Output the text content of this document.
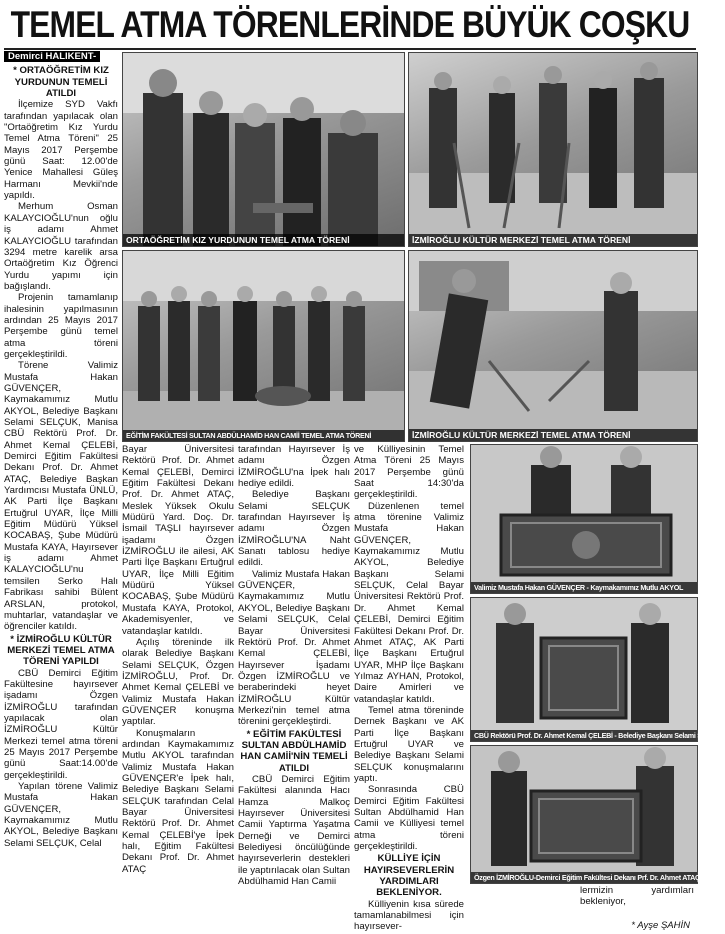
TEMEL ATMA TÖRENLERİNDE BÜYÜK COŞKU
Demirci HALIKENT-

* ORTAÖĞRETİM KIZ YURDUNUN TEMELİ ATILDI

İlçemize SYD Vakfı tarafından yapılacak olan "Ortaöğretim Kız Yurdu Temel Atma Töreni" 25 Mayıs 2017 Perşembe günü Saat: 12.00'de Yenice Mahallesi Güleş Harmanı Mevkii'nde yapıldı.

Merhum Osman KALAYCIOĞLU'nun oğlu iş adamı Ahmet KALAYCIOĞLU tarafından 3294 metre karelik arsa Ortaöğretim Kız Öğrenci Yurdu yapımı için bağışlandı.

Projenin tamamlanıp ihalesinin yapılmasının ardından 25 Mayıs 2017 Perşembe günü temel atma töreni gerçekleştirildi.

Törene Valimiz Mustafa Hakan GÜVENÇER, Kaymakamımız Mutlu AKYOL, Belediye Başkanı Selami SELÇUK, Manisa CBÜ Rektörü Prof. Dr. Ahmet Kemal ÇELEBİ, Demirci Eğitim Fakültesi Dekanı Prof. Dr. Ahmet ATAÇ, Belediye Başkan Yardımcısı Mustafa ÜNLÜ, AK Parti İlçe Başkanı Ertuğrul UYAR, İlçe Milli Eğitim Müdürü Yüksel KOCABAŞ, Şube Müdürü Mustafa KAYA, Hayırsever iş adamı Ahmet KALAYCIOĞLU'nu temsilen Serko Halı Fabrikası sahibi Bülent ARSLAN, protokol, muhtarlar, vatandaşlar ve öğrenciler katıldı.

* İZMİROĞLU KÜLTÜR MERKEZİ TEMEL ATMA TÖRENİ YAPILDI

CBÜ Demirci Eğitim Fakültesine hayırsever işadamı Özgen İZMİROĞLU tarafından yapılacak olan İZMİROĞLU Kültür Merkezi temel atma töreni 25 Mayıs 2017 Perşembe günü Saat:14.00'de gerçekleştirildi.

Yapılan törene Valimiz Mustafa Hakan GÜVENÇER, Kaymakamımız Mutlu AKYOL, Belediye Başkanı Selami SELÇUK, Celal

ORTAÖĞRETİM KIZ YURDUNUN TEMEL ATMA TÖRENİ	İZMİROĞLU KÜLTÜR MERKEZİ TEMEL ATMA TÖRENİ
EĞİTİM FAKÜLTESİ SULTAN ABDÜLHAMİD HAN CAMİİ TEMEL ATMA TÖRENİ	İZMİROĞLU KÜLTÜR MERKEZİ TEMEL ATMA TÖRENİ

Bayar Üniversitesi Rektörü Prof. Dr. Ahmet Kemal ÇELEBİ, Demirci Eğitim Fakültesi Dekanı Prof. Dr. Ahmet ATAÇ, Meslek Yüksek Okulu Müdürü Yard. Doç. Dr. İsmail TAŞLI hayırsever işadamı Özgen İZMİROĞLU ile ailesi, AK Parti İlçe Başkanı Ertuğrul UYAR, İlçe Milli Eğitim Müdürü Yüksel KOCABAŞ, Şube Müdürü Mustafa KAYA, Protokol, Akademisyenler, ve vatandaşlar katıldı.

Açılış töreninde ilk olarak Belediye Başkanı Selami SELÇUK, Özgen İZMİROĞLU, Prof. Dr. Ahmet Kemal ÇELEBİ ve Valimiz Mustafa Hakan GÜVENÇER konuşma yaptılar.

Konuşmaların ardından Kaymakamımız Mutlu AKYOL tarafından Valimiz Mustafa Hakan GÜVENÇER'e İpek halı, Belediye Başkanı Selami SELÇUK tarafından Celal Bayar Üniversitesi Rektörü Prof. Dr. Ahmet Kemal ÇELEBİ'ye İpek halı, Eğitim Fakültesi Dekanı Prof. Dr. Ahmet ATAÇ

tarafından Hayırsever İş adamı Özgen İZMİROĞLU'na İpek halı hediye edildi.

Belediye Başkanı Selami SELÇUK tarafından Hayırsever İş adamı Özgen İZMİROĞLU'NA Naht Sanatı tablosu hediye edildi.

Valimiz Mustafa Hakan GÜVENÇER, Kaymakamımız Mutlu AKYOL, Belediye Başkanı Selami SELÇUK, Celal Bayar Üniversitesi Rektörü Prof. Dr. Ahmet Kemal ÇELEBİ, Hayırsever İşadamı Özgen İZMİROĞLU ve beraberindeki heyet İZMİROĞLU Kültür Merkezi'nin temel atma törenini gerçekleştirdi.

* EĞİTİM FAKÜLTESİ SULTAN ABDÜLHAMİD HAN CAMİİ'NİN TEMELİ ATILDI

CBÜ Demirci Eğitim Fakültesi alanında Hacı Hamza Malkoç Hayırsever Üniversitesi Camii Yaptırma Yaşatma Derneği ve Demirci Belediyesi öncülüğünde hayırseverlerin destekleri ile yaptırılacak olan Sultan Abdülhamid Han Camii

ve Külliyesinin Temel Atma Töreni 25 Mayıs 2017 Perşembe günü Saat 14:30'da gerçekleştirildi.

Düzenlenen temel atma törenine Valimiz Mustafa Hakan GÜVENÇER, Kaymakamımız Mutlu AKYOL, Belediye Başkanı Selami SELÇUK, Celal Bayar Üniversitesi Rektörü Prof. Dr. Ahmet Kemal ÇELEBİ, Demirci Eğitim Fakültesi Dekanı Prof. Dr. Ahmet ATAÇ, AK Parti İlçe Başkanı Ertuğrul UYAR, MHP İlçe Başkanı Yılmaz AYHAN, Protokol, Daire Amirleri ve vatandaşlar katıldı.

Temel atma töreninde Dernek Başkanı ve AK Parti İlçe Başkanı Ertuğrul UYAR ve Belediye Başkanı Selami SELÇUK konuşmalarını yaptı.

Sonrasında CBÜ Demirci Eğitim Fakültesi Sultan Abdülhamid Han Camii ve Külliyesi temel atma töreni gerçekleştirildi.

KÜLLİYE İÇİN HAYIRSEVERLERİN YARDIMLARI BEKLENİYOR.

Külliyenin kısa sürede tamamlanabilmesi için hayırsever-

Valimiz Mustafa Hakan GÜVENÇER - Kaymakamımız Mutlu AKYOL
CBÜ Rektörü Prof. Dr. Ahmet Kemal ÇELEBİ - Belediye Başkanı Selami SELÇUK
Özgen İZMİROĞLU-Demirci Eğitim Fakültesi Dekanı Prf. Dr. Ahmet ATAÇ

lermizin yardımları bekleniyor,

* Ayşe ŞAHİN
